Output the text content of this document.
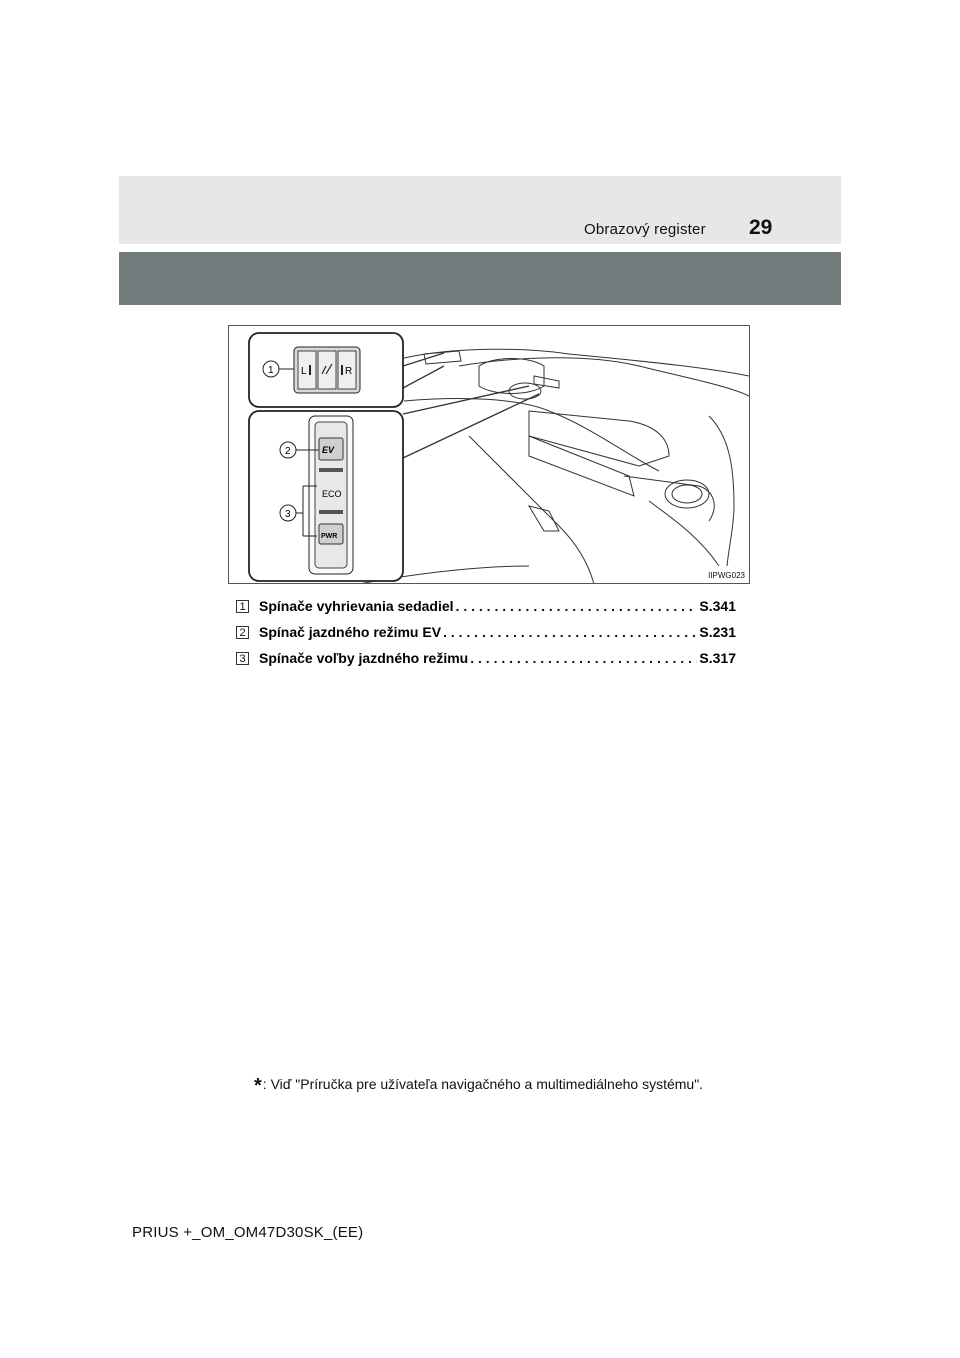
Obrazový register 29
L	R
1
EV
ECO
PWR
2
3
IIPWG023
1 Spínače vyhrievania sedadiel . . .	S.341
2 Spínač jazdného režimu EV . . .	S.231
3 Spínače voľby jazdného režimu . . .	S.317
*: Viď "Príručka pre užívateľa navigačného a multimediálneho systému".
PRIUS +_OM_OM47D30SK_(EE)
